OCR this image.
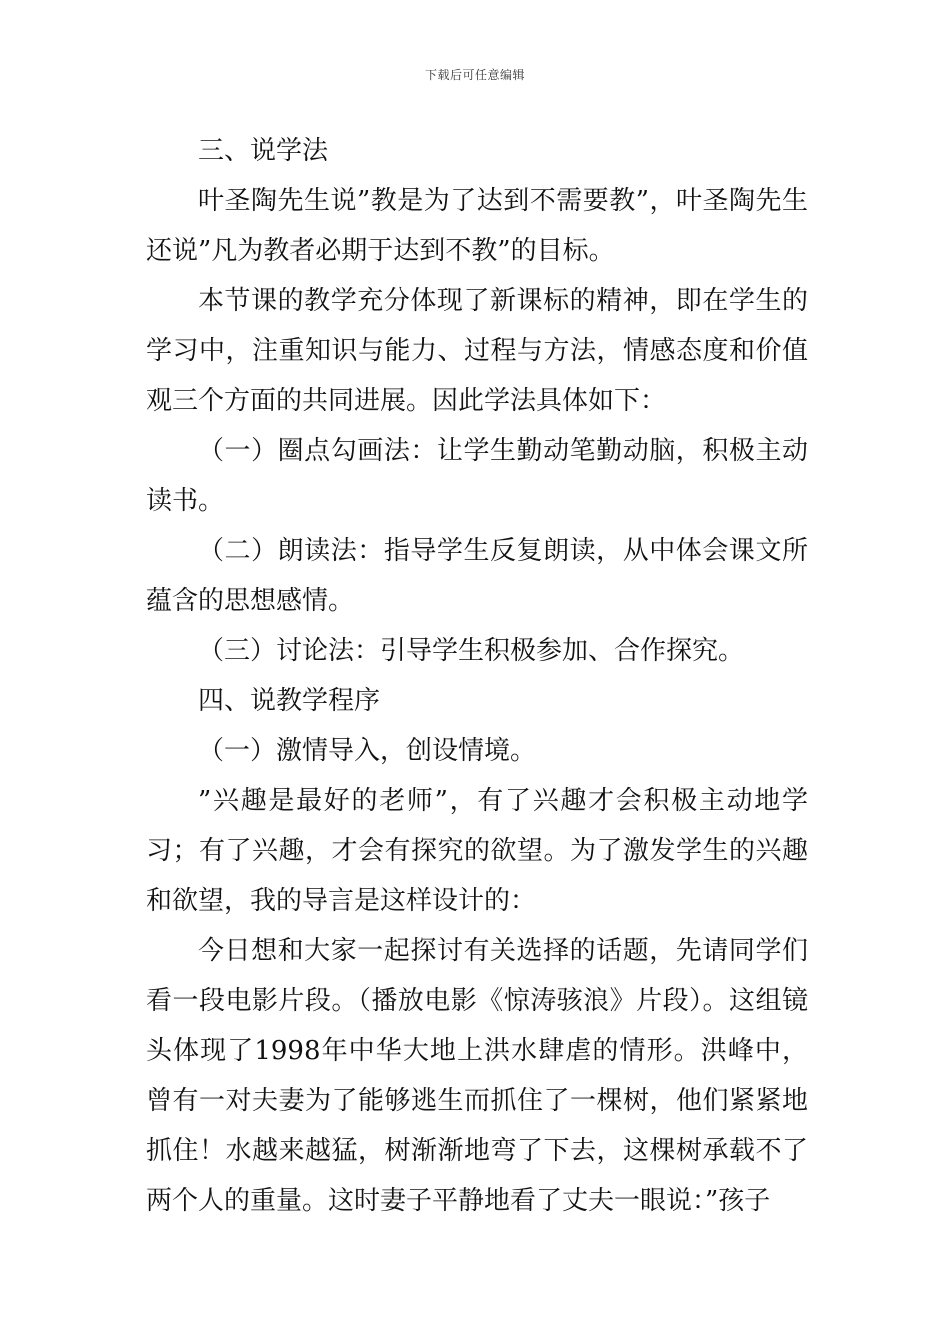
下载后可任意编辑

三、说学法

叶圣陶先生说”教是为了达到不需要教”，叶圣陶先生还说”凡为教者必期于达到不教”的目标。

本节课的教学充分体现了新课标的精神，即在学生的学习中，注重知识与能力、过程与方法，情感态度和价值观三个方面的共同进展。因此学法具体如下：

（一）圈点勾画法：让学生勤动笔勤动脑，积极主动读书。

（二）朗读法：指导学生反复朗读，从中体会课文所蕴含的思想感情。

（三）讨论法：引导学生积极参加、合作探究。

四、说教学程序

（一）激情导入，创设情境。

”兴趣是最好的老师”，有了兴趣才会积极主动地学习；有了兴趣，才会有探究的欲望。为了激发学生的兴趣和欲望，我的导言是这样设计的：

今日想和大家一起探讨有关选择的话题，先请同学们看一段电影片段。（播放电影《惊涛骇浪》片段）。这组镜头体现了1998年中华大地上洪水肆虐的情形。洪峰中，曾有一对夫妻为了能够逃生而抓住了一棵树，他们紧紧地抓住！水越来越猛，树渐渐地弯了下去，这棵树承载不了两个人的重量。这时妻子平静地看了丈夫一眼说：”孩子
